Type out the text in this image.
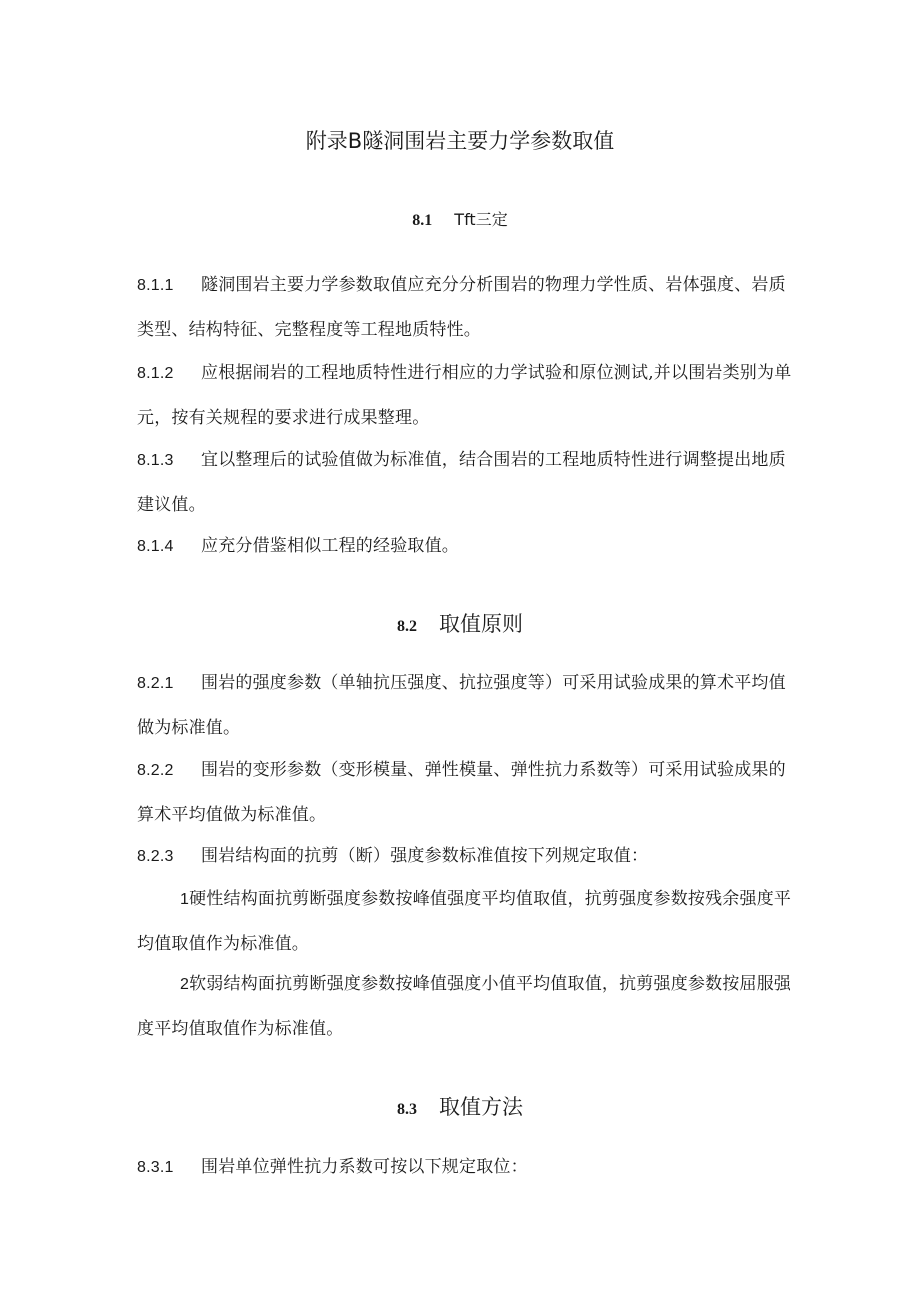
附录B隧洞围岩主要力学参数取值
8.1 Tft三定
8.1.1 隧洞围岩主要力学参数取值应充分分析围岩的物理力学性质、岩体强度、岩质类型、结构特征、完整程度等工程地质特性。
8.1.2 应根据闹岩的工程地质特性进行相应的力学试验和原位测试,并以围岩类别为单元，按有关规程的要求进行成果整理。
8.1.3 宜以整理后的试验值做为标准值，结合围岩的工程地质特性进行调整提出地质建议值。
8.1.4 应充分借鉴相似工程的经验取值。
8.2 取值原则
8.2.1 围岩的强度参数（单轴抗压强度、抗拉强度等）可采用试验成果的算术平均值做为标准值。
8.2.2 围岩的变形参数（变形模量、弹性模量、弹性抗力系数等）可采用试验成果的算术平均值做为标准值。
8.2.3 围岩结构面的抗剪（断）强度参数标准值按下列规定取值：
1硬性结构面抗剪断强度参数按峰值强度平均值取值，抗剪强度参数按残余强度平均值取值作为标准值。
2软弱结构面抗剪断强度参数按峰值强度小值平均值取值，抗剪强度参数按屈服强度平均值取值作为标准值。
8.3 取值方法
8.3.1 围岩单位弹性抗力系数可按以下规定取位：
